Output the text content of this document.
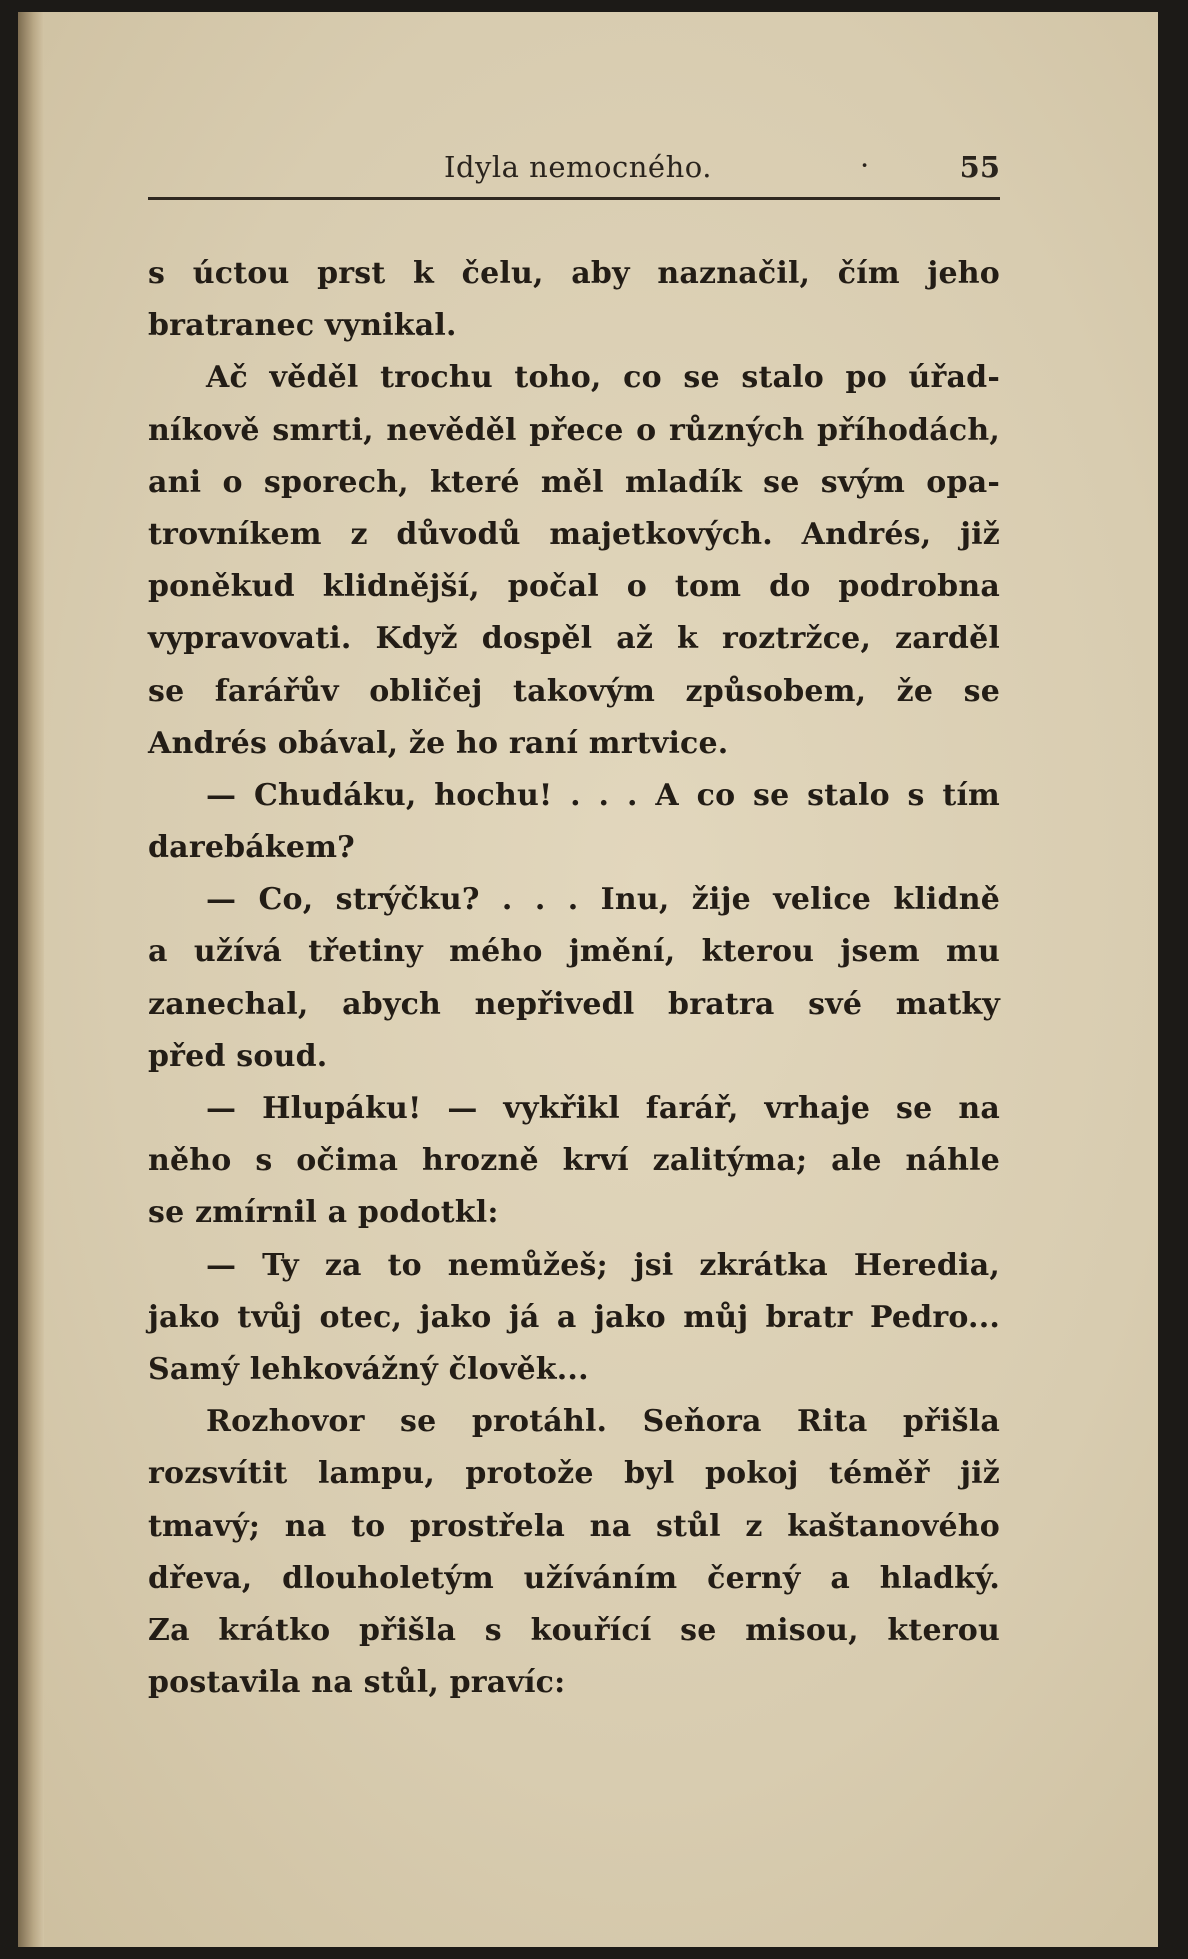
Idyla nemocného.	·	55
s úctou prst k čelu, aby naznačil, čím jeho
bratranec vynikal.
Ač věděl trochu toho, co se stalo po úřad-
níkově smrti, nevěděl přece o různých příhodách,
ani o sporech, které měl mladík se svým opa-
trovníkem z důvodů majetkových. Andrés, již
poněkud klidnější, počal o tom do podrobna
vypravovati. Když dospěl až k roztržce, zarděl
se farářův obličej takovým způsobem, že se
Andrés obával, že ho raní mrtvice.
— Chudáku, hochu! . . . A co se stalo s tím
darebákem?
— Co, strýčku? . . . Inu, žije velice klidně
a užívá třetiny mého jmění, kterou jsem mu
zanechal, abych nepřivedl bratra své matky
před soud.
— Hlupáku! — vykřikl farář, vrhaje se na
něho s očima hrozně krví zalitýma; ale náhle
se zmírnil a podotkl:
— Ty za to nemůžeš; jsi zkrátka Heredia,
jako tvůj otec, jako já a jako můj bratr Pedro...
Samý lehkovážný člověk...
Rozhovor se protáhl. Seňora Rita přišla
rozsvítit lampu, protože byl pokoj téměř již
tmavý; na to prostřela na stůl z kaštanového
dřeva, dlouholetým užíváním černý a hladký.
Za krátko přišla s kouřící se misou, kterou
postavila na stůl, pravíc:
